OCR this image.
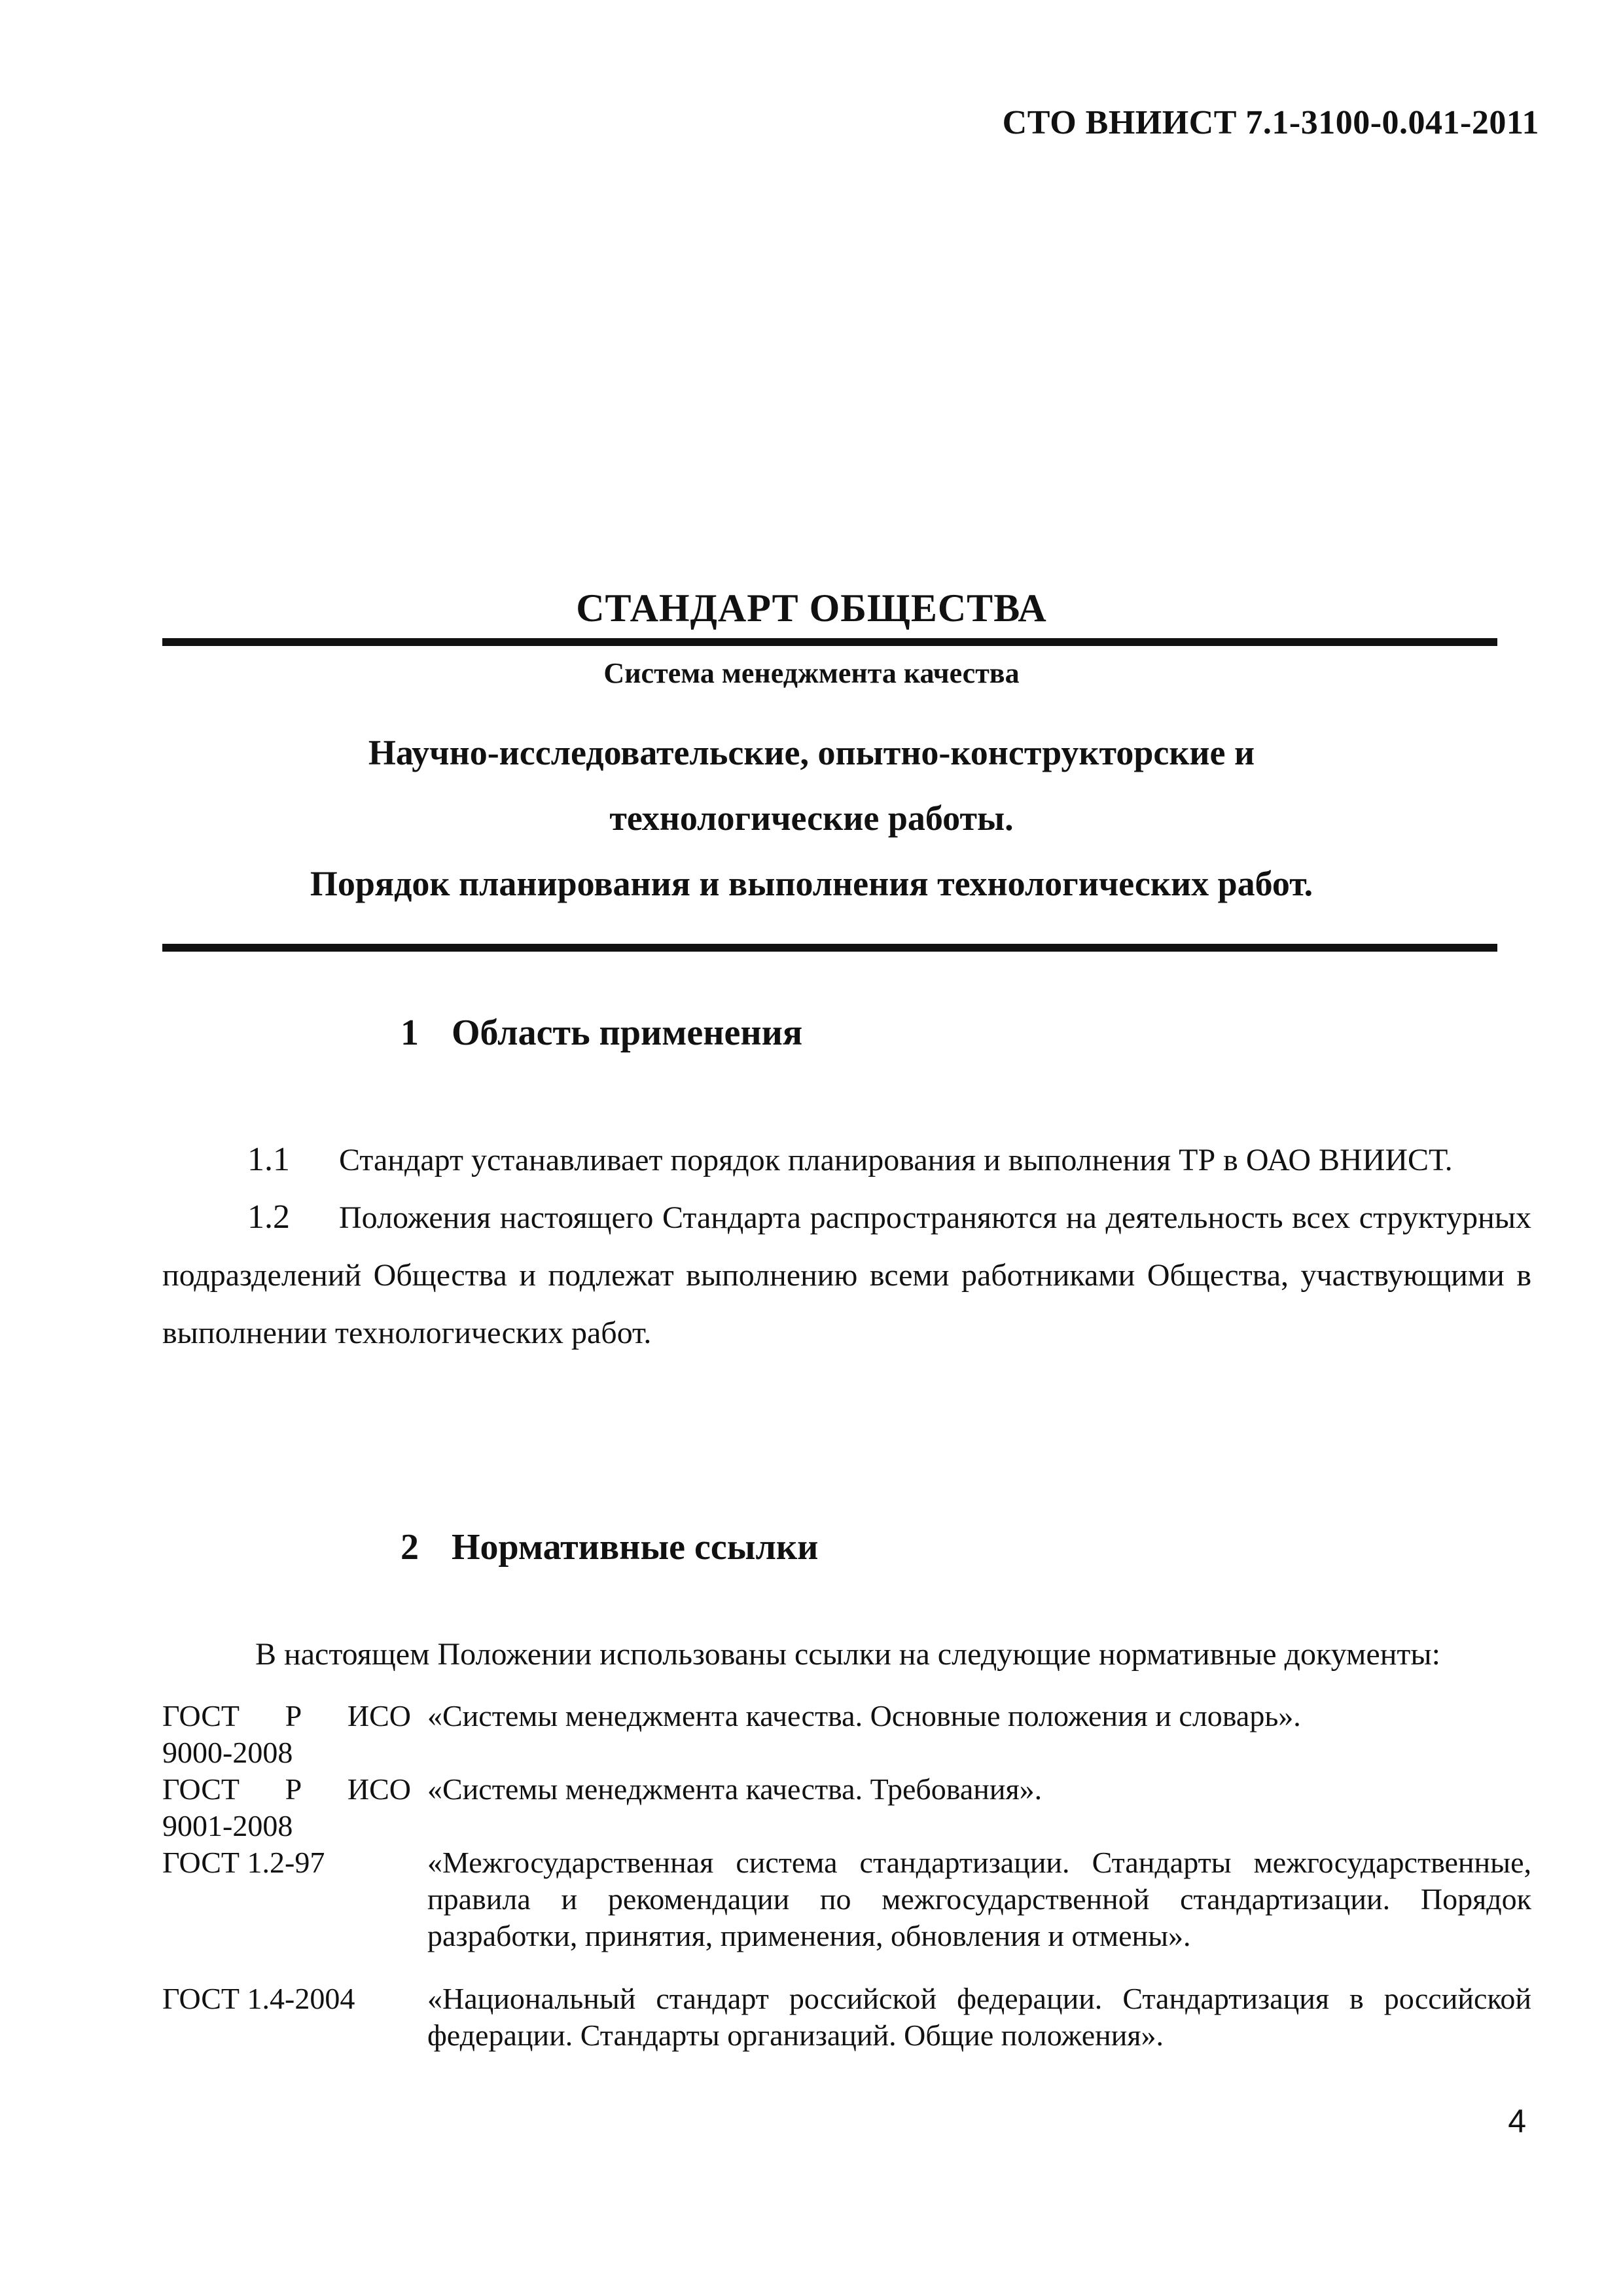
СТО ВНИИСТ 7.1-3100-0.041-2011
СТАНДАРТ ОБЩЕСТВА
Система менеджмента качества
Научно-исследовательские, опытно-конструкторские и
технологические работы.
Порядок планирования и выполнения технологических работ.
1 Область применения
1.1 Стандарт устанавливает порядок планирования и выполнения ТР в ОАО ВНИИСТ.
1.2 Положения настоящего Стандарта распространяются на деятельность всех структурных подразделений Общества и подлежат выполнению всеми работниками Общества, участвующими в выполнении технологических работ.
2 Нормативные ссылки
В настоящем Положении использованы ссылки на следующие нормативные документы:
ГОСТ Р ИСО
9000-2008
«Системы менеджмента качества. Основные положения и словарь».
ГОСТ Р ИСО
9001-2008
«Системы менеджмента качества. Требования».
ГОСТ 1.2-97	«Межгосударственная система стандартизации. Стандарты межгосударственные, правила и рекомендации по межгосударственной стандартизации. Порядок разработки, принятия, применения, обновления и отмены».
ГОСТ 1.4-2004	«Национальный стандарт российской федерации. Стандартизация в российской федерации. Стандарты организаций. Общие положения».
4
